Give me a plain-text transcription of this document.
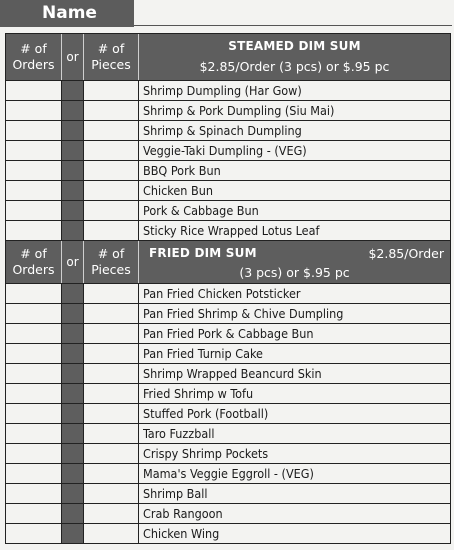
Name
# of
Orders or
# of
Pieces
STEAMED DIM SUM
$2.85/Order (3 pcs) or $.95 pc
Shrimp Dumpling (Har Gow)
Shrimp & Pork Dumpling (Siu Mai)
Shrimp & Spinach Dumpling
Veggie-Taki Dumpling - (VEG)
BBQ Pork Bun
Chicken Bun
Pork & Cabbage Bun
Sticky Rice Wrapped Lotus Leaf
# of
Orders or
# of
Pieces
FRIED DIM SUM	$2.85/Order
(3 pcs) or $.95 pc
Pan Fried Chicken Potsticker
Pan Fried Shrimp & Chive Dumpling
Pan Fried Pork & Cabbage Bun
Pan Fried Turnip Cake
Shrimp Wrapped Beancurd Skin
Fried Shrimp w Tofu
Stuffed Pork (Football)
Taro Fuzzball
Crispy Shrimp Pockets
Mama's Veggie Eggroll - (VEG)
Shrimp Ball
Crab Rangoon
Chicken Wing
